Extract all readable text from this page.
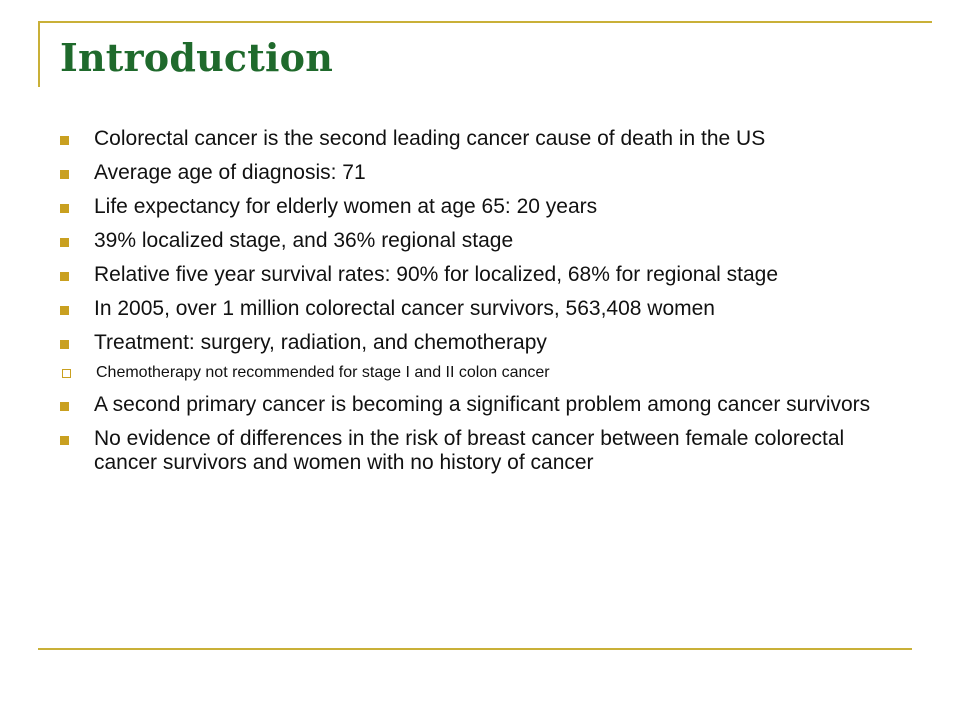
Introduction
Colorectal cancer is the second leading cancer cause of death in the US
Average age of diagnosis: 71
Life expectancy for elderly women at age 65: 20 years
39% localized stage, and 36% regional stage
Relative five year survival rates: 90% for localized, 68% for regional stage
In 2005, over 1 million colorectal cancer survivors, 563,408 women
Treatment: surgery, radiation, and chemotherapy
Chemotherapy not recommended for stage I and II colon cancer
A second primary cancer is becoming a significant problem among cancer survivors
No evidence of differences in the risk of breast cancer between female colorectal cancer survivors and women with no history of cancer
